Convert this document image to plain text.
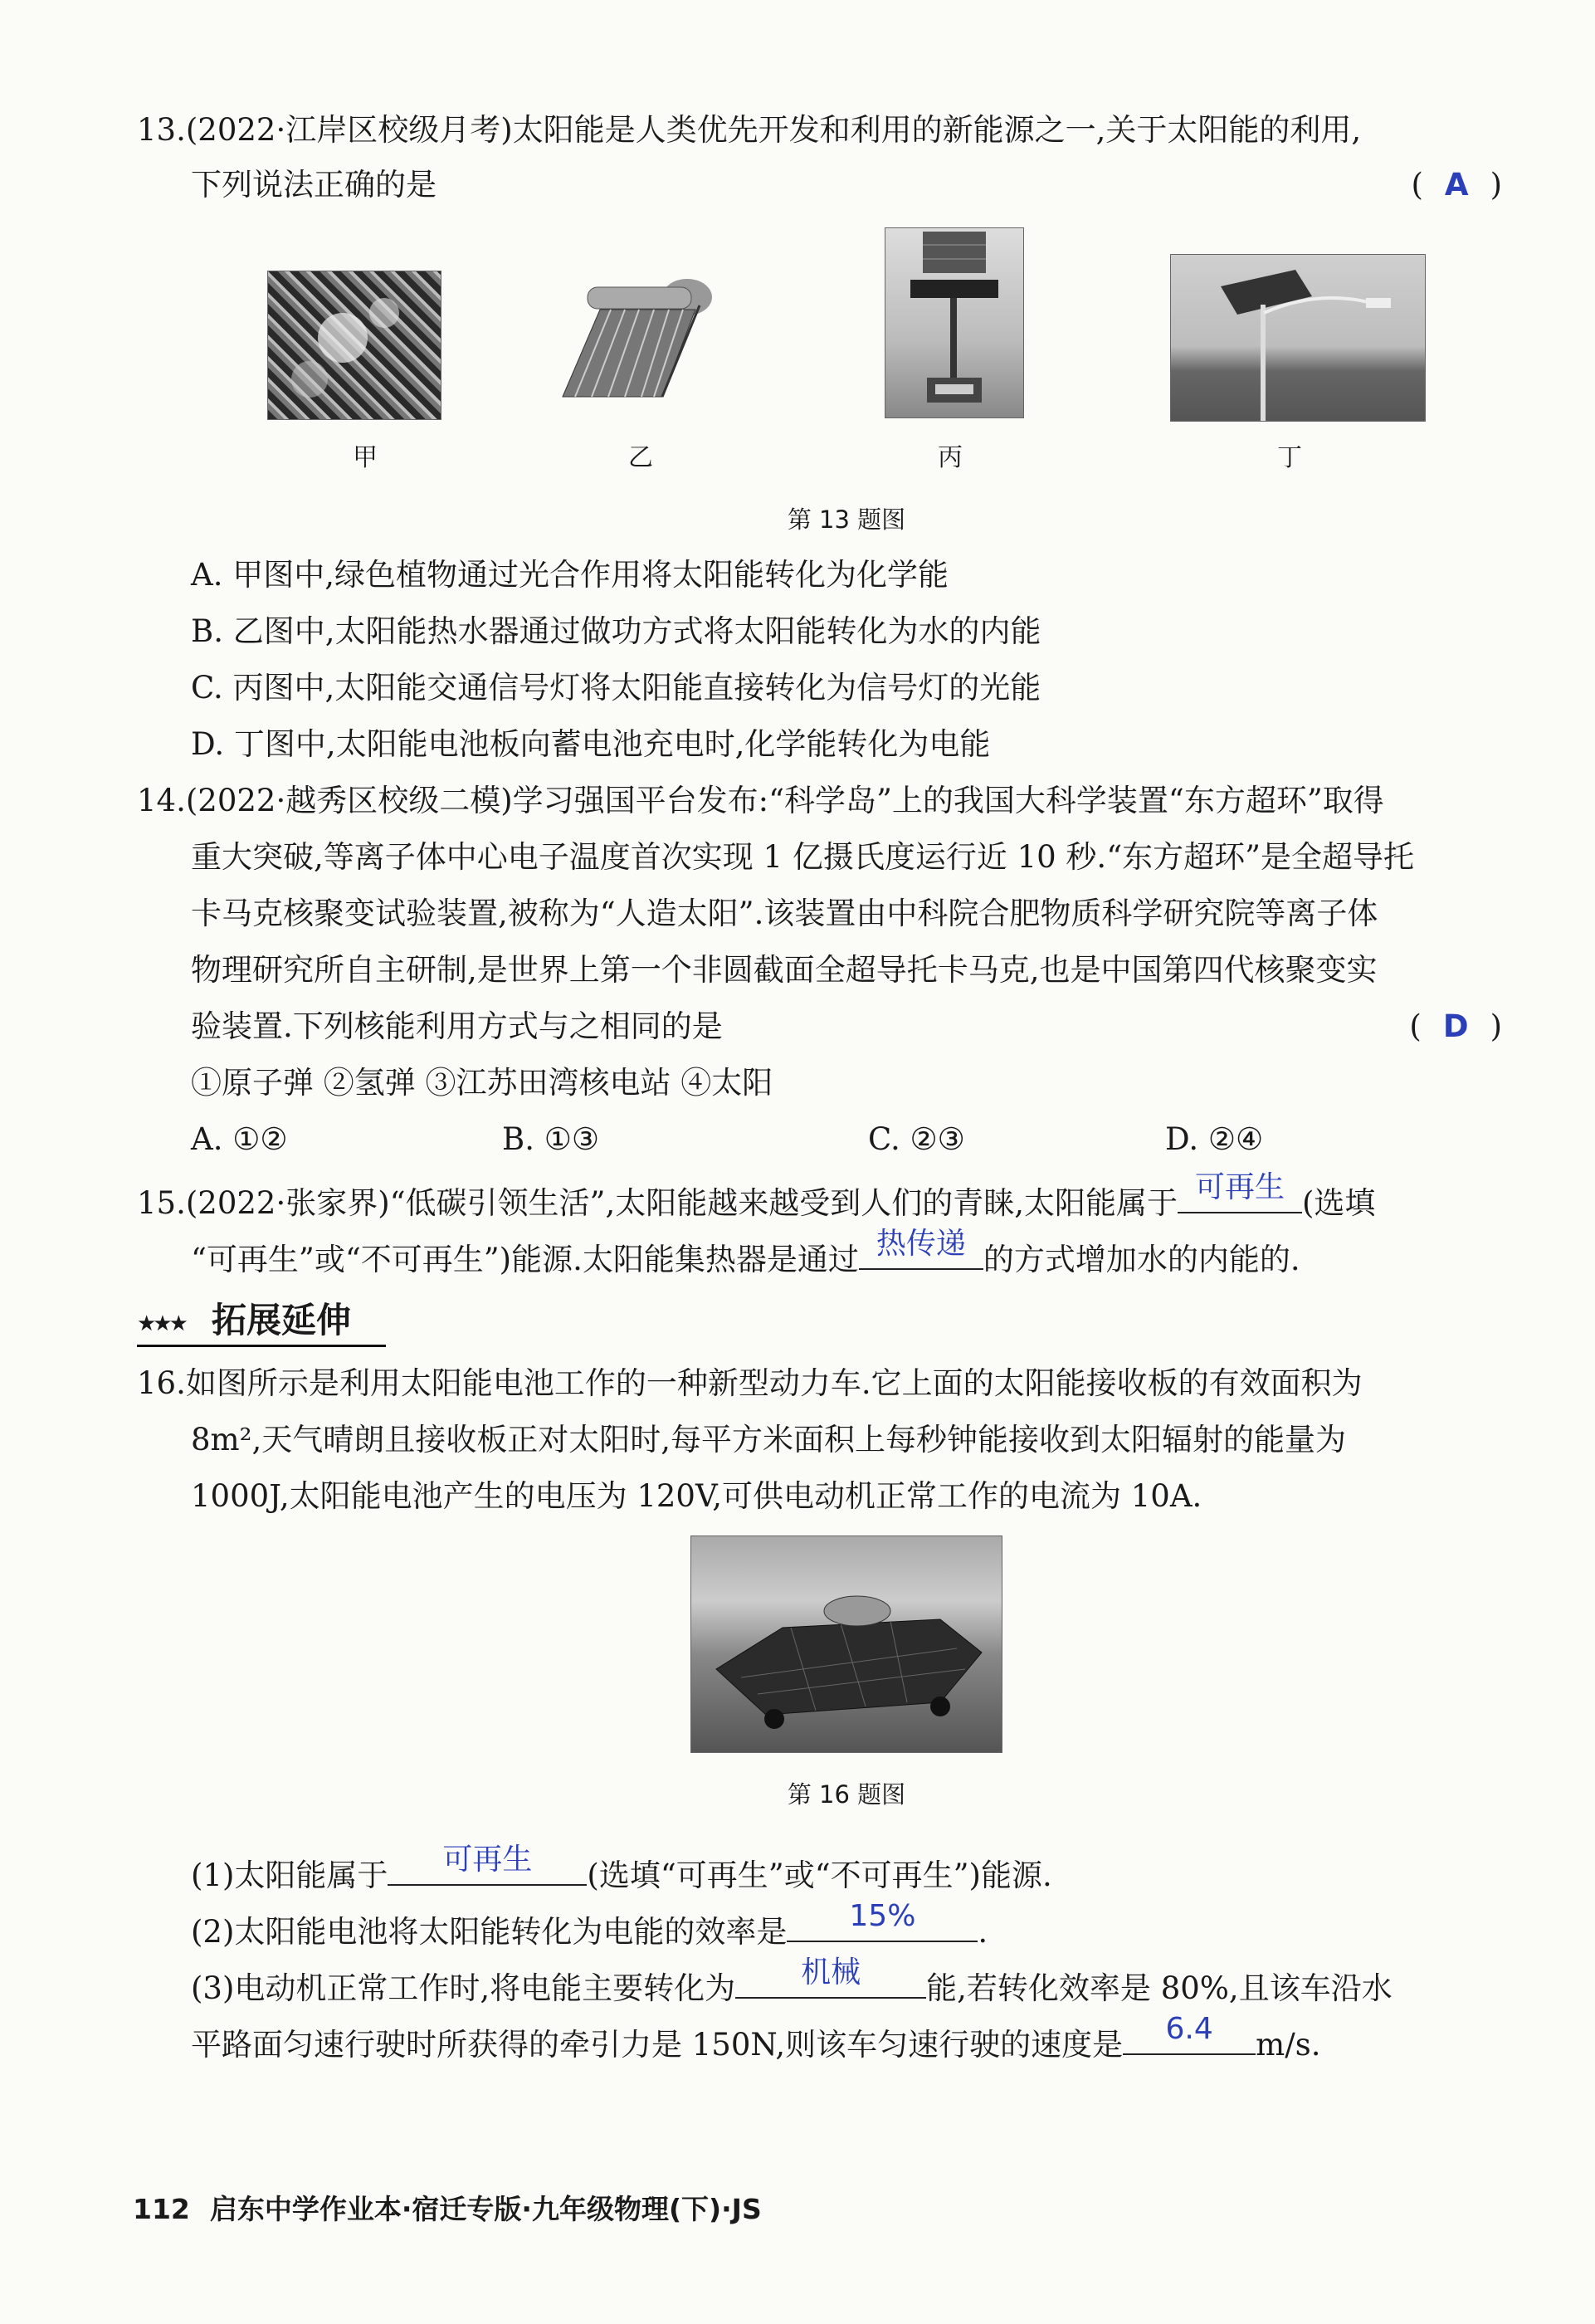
13.(2022·江岸区校级月考)太阳能是人类优先开发和利用的新能源之一,关于太阳能的利用,
下列说法正确的是	( A )
甲	乙	丙	丁
第 13 题图
A. 甲图中,绿色植物通过光合作用将太阳能转化为化学能
B. 乙图中,太阳能热水器通过做功方式将太阳能转化为水的内能
C. 丙图中,太阳能交通信号灯将太阳能直接转化为信号灯的光能
D. 丁图中,太阳能电池板向蓄电池充电时,化学能转化为电能
14.(2022·越秀区校级二模)学习强国平台发布:“科学岛”上的我国大科学装置“东方超环”取得
重大突破,等离子体中心电子温度首次实现 1 亿摄氏度运行近 10 秒.“东方超环”是全超导托
卡马克核聚变试验装置,被称为“人造太阳”.该装置由中科院合肥物质科学研究院等离子体
物理研究所自主研制,是世界上第一个非圆截面全超导托卡马克,也是中国第四代核聚变实
验装置.下列核能利用方式与之相同的是	( D )
①原子弹 ②氢弹 ③江苏田湾核电站 ④太阳
A. ①②	B. ①③	C. ②③	D. ②④
15.(2022·张家界)“低碳引领生活”,太阳能越来越受到人们的青睐,太阳能属于 可再生 (选填
“可再生”或“不可再生”)能源.太阳能集热器是通过 热传递 的方式增加水的内能的.
★★★ 拓展延伸
16.如图所示是利用太阳能电池工作的一种新型动力车.它上面的太阳能接收板的有效面积为
8m²,天气晴朗且接收板正对太阳时,每平方米面积上每秒钟能接收到太阳辐射的能量为
1000J,太阳能电池产生的电压为 120V,可供电动机正常工作的电流为 10A.
第 16 题图
(1)太阳能属于	可再生	(选填“可再生”或“不可再生”)能源.
(2)太阳能电池将太阳能转化为电能的效率是	15%	.
(3)电动机正常工作时,将电能主要转化为	机械	能,若转化效率是 80%,且该车沿水
平路面匀速行驶时所获得的牵引力是 150N,则该车匀速行驶的速度是	6.4	m/s.
112 启东中学作业本·宿迁专版·九年级物理(下)·JS
